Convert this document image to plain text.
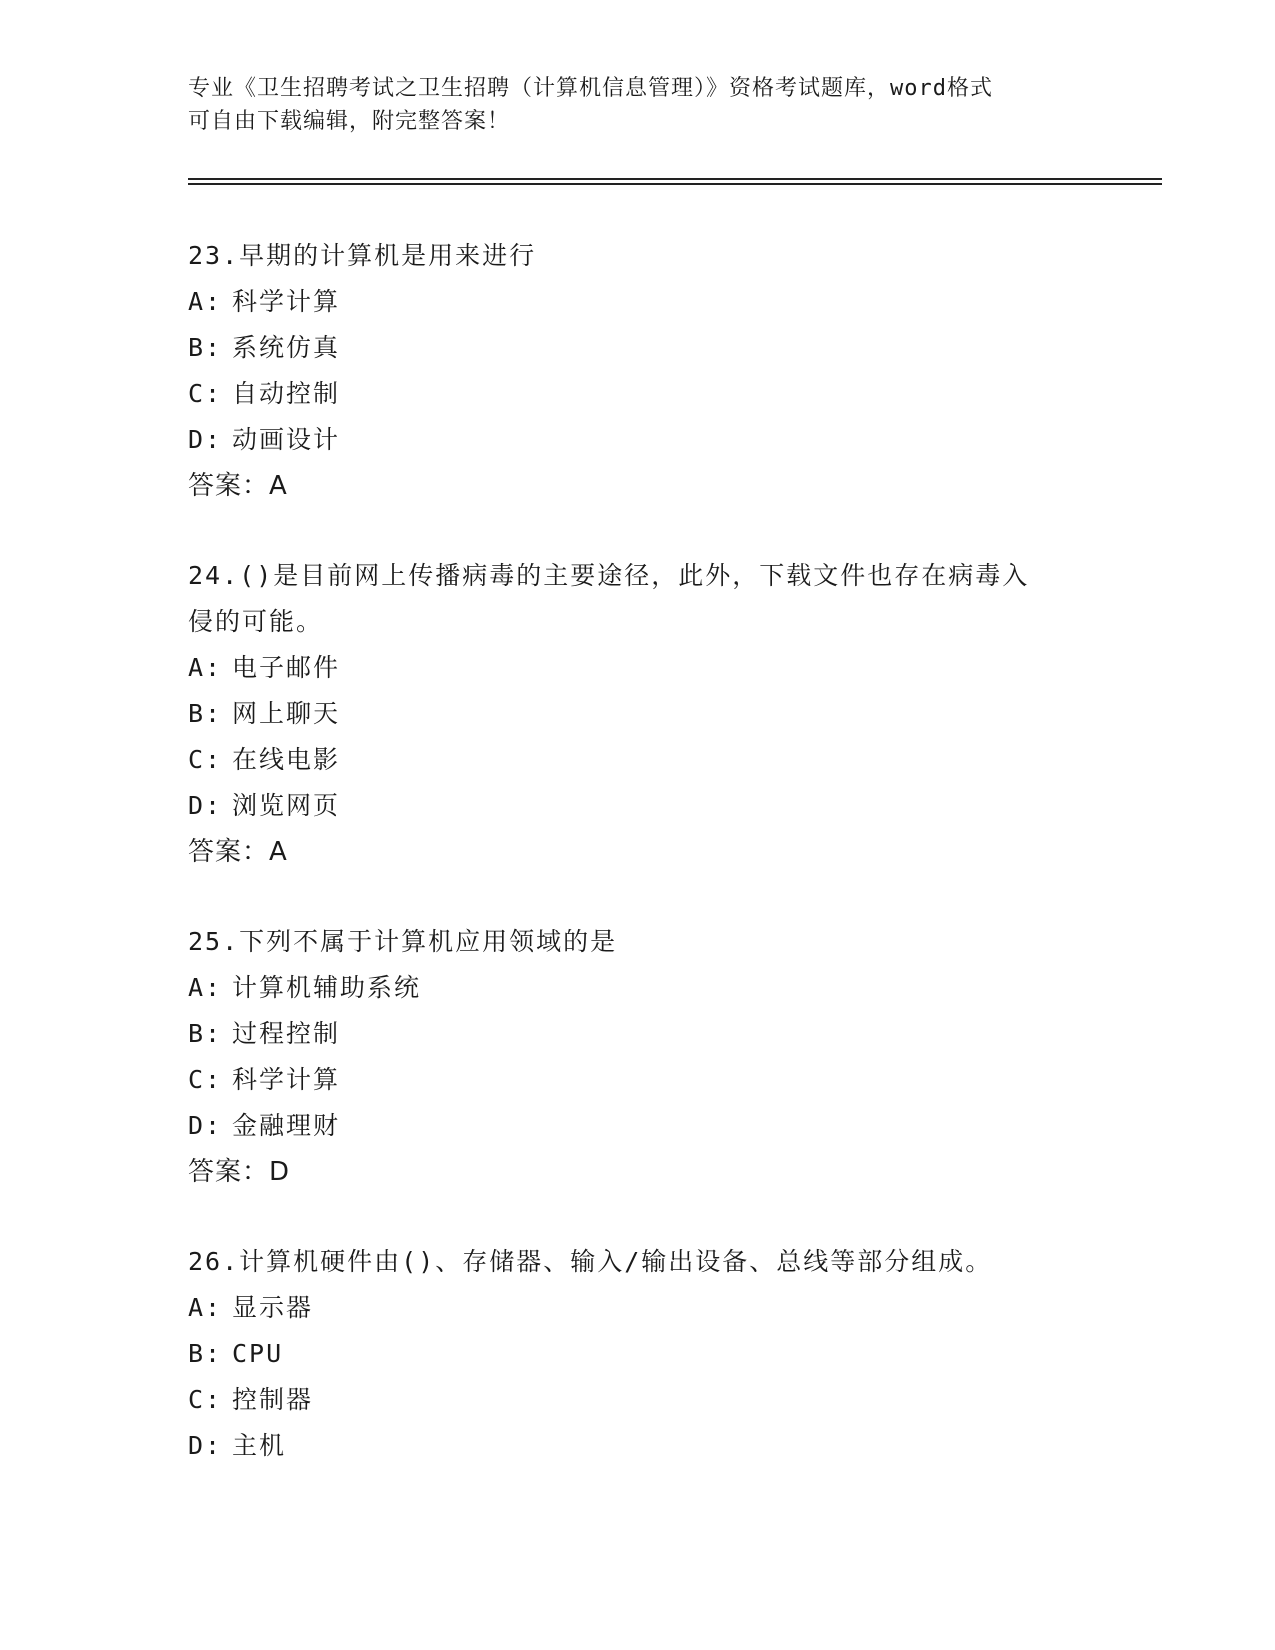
专业《卫生招聘考试之卫生招聘（计算机信息管理）》资格考试题库，word格式
可自由下载编辑，附完整答案！
23.早期的计算机是用来进行
A: 科学计算
B: 系统仿真
C: 自动控制
D: 动画设计
答案：A
24.()是目前网上传播病毒的主要途径，此外，下载文件也存在病毒入
侵的可能。
A: 电子邮件
B: 网上聊天
C: 在线电影
D: 浏览网页
答案：A
25.下列不属于计算机应用领域的是
A: 计算机辅助系统
B: 过程控制
C: 科学计算
D: 金融理财
答案：D
26.计算机硬件由()、存储器、输入/输出设备、总线等部分组成。
A: 显示器
B: CPU
C: 控制器
D: 主机
